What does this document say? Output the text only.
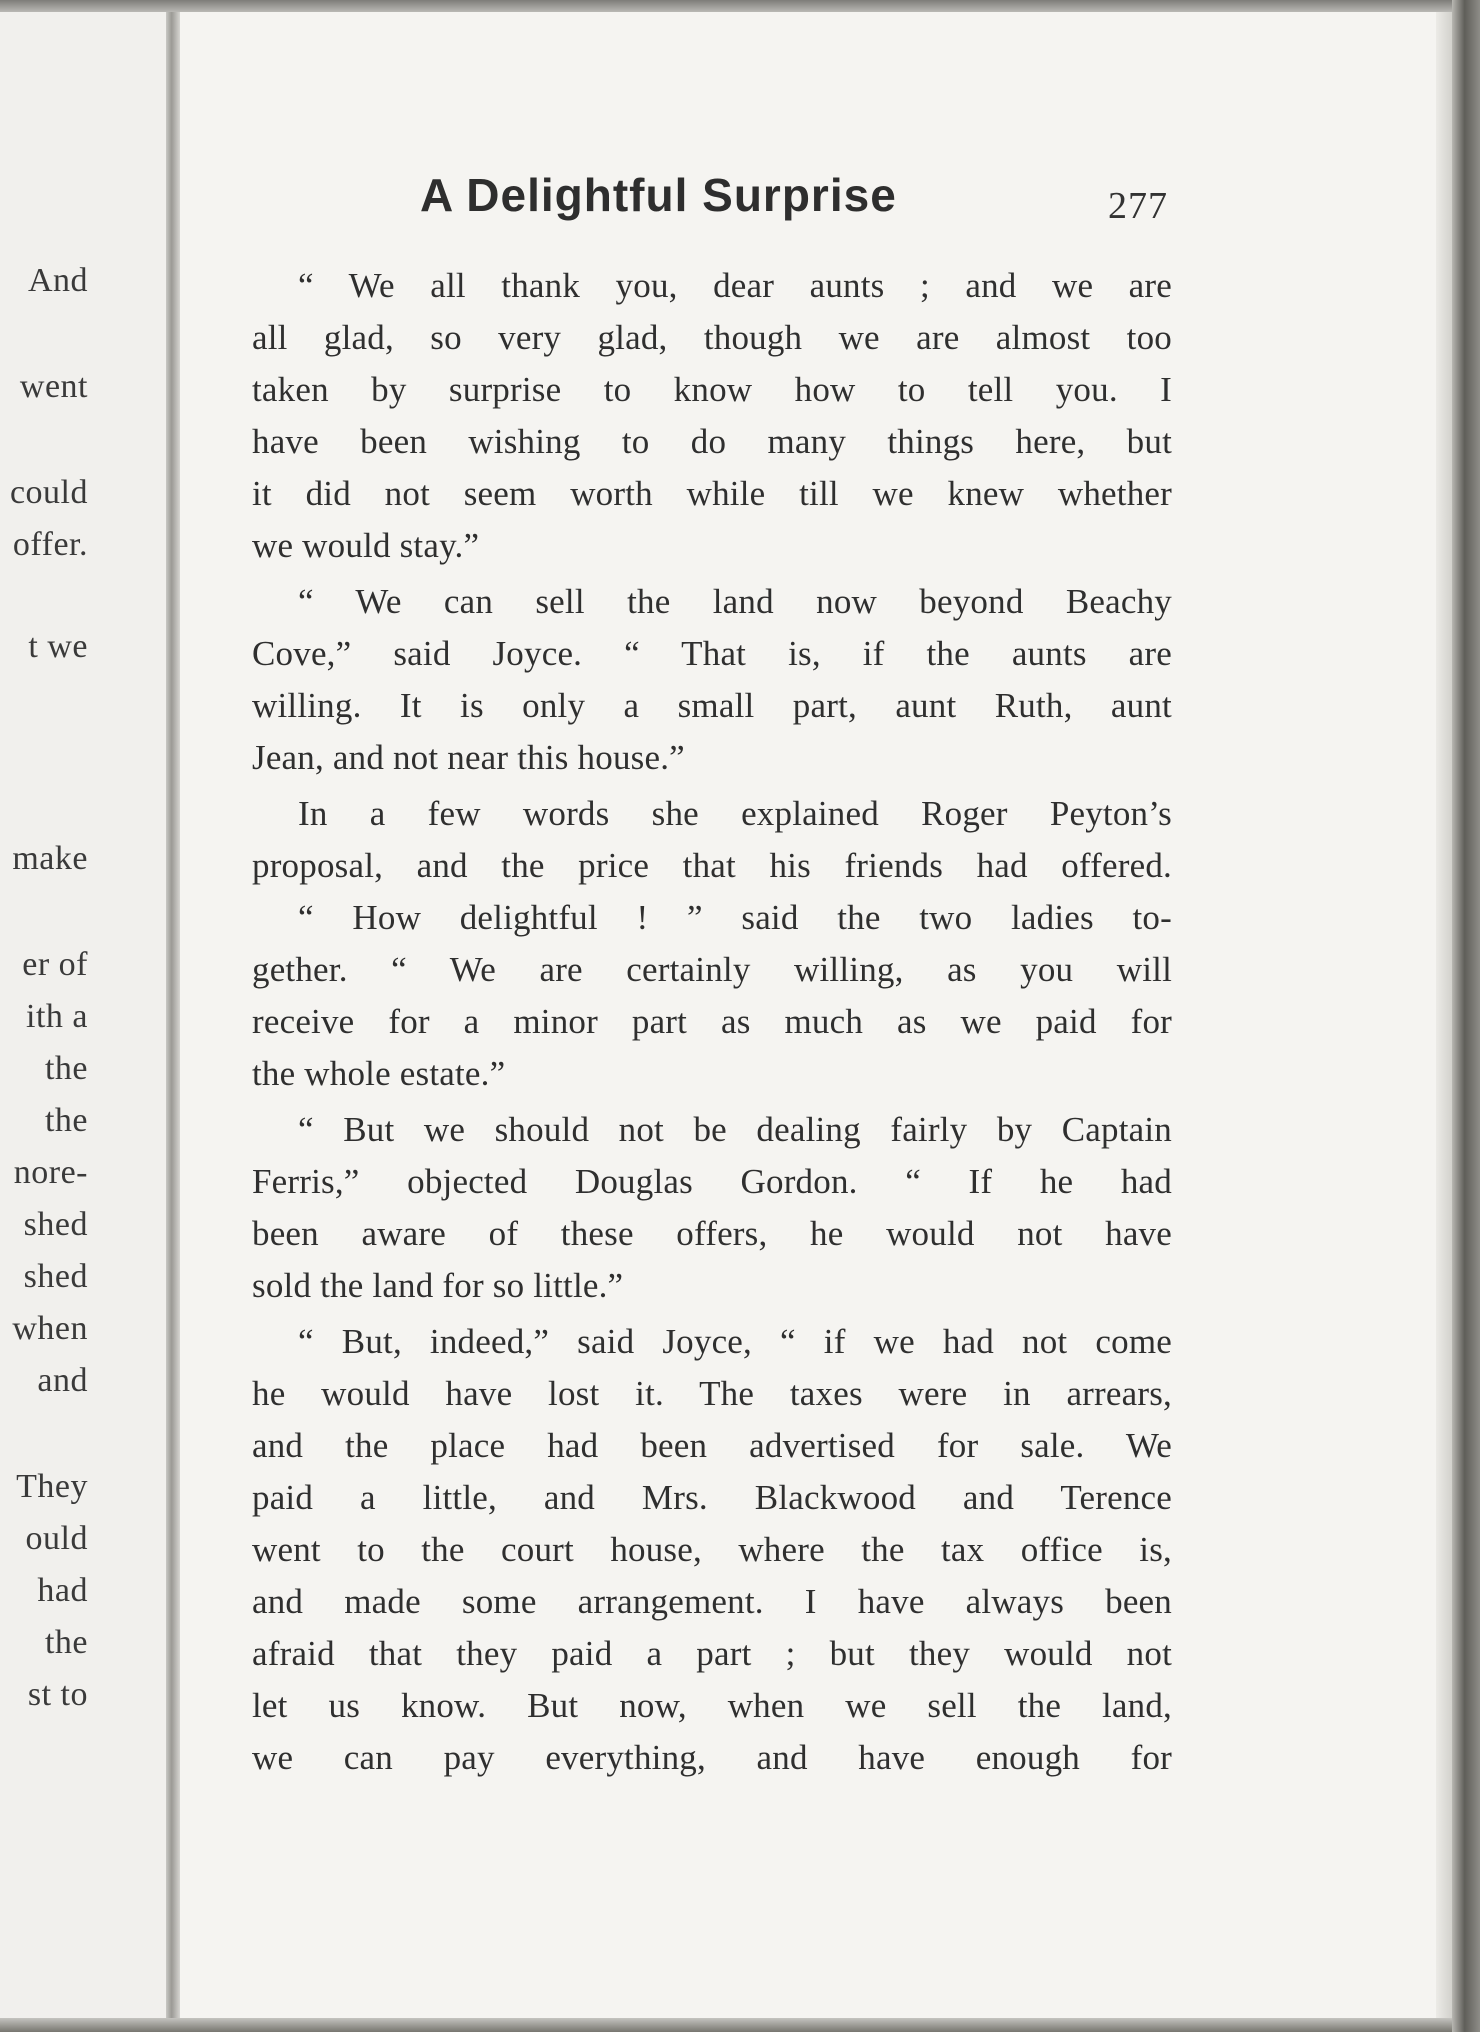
And
went
could
offer.
t we
make
er of
ith a
the
the
nore-
shed
shed
when
and
They
ould
had
the
st to
A Delightful Surprise	277
“ We all thank you, dear aunts ; and we are
all glad, so very glad, though we are almost too
taken by surprise to know how to tell you. I
have been wishing to do many things here, but
it did not seem worth while till we knew whether
we would stay.”
“ We can sell the land now beyond Beachy
Cove,” said Joyce. “ That is, if the aunts are
willing. It is only a small part, aunt Ruth, aunt
Jean, and not near this house.”
In a few words she explained Roger Peyton’s
proposal, and the price that his friends had offered.
“ How delightful ! ” said the two ladies to-
gether. “ We are certainly willing, as you will
receive for a minor part as much as we paid for
the whole estate.”
“ But we should not be dealing fairly by Captain
Ferris,” objected Douglas Gordon. “ If he had
been aware of these offers, he would not have
sold the land for so little.”
“ But, indeed,” said Joyce, “ if we had not come
he would have lost it. The taxes were in arrears,
and the place had been advertised for sale. We
paid a little, and Mrs. Blackwood and Terence
went to the court house, where the tax office is,
and made some arrangement. I have always been
afraid that they paid a part ; but they would not
let us know. But now, when we sell the land,
we can pay everything, and have enough for
